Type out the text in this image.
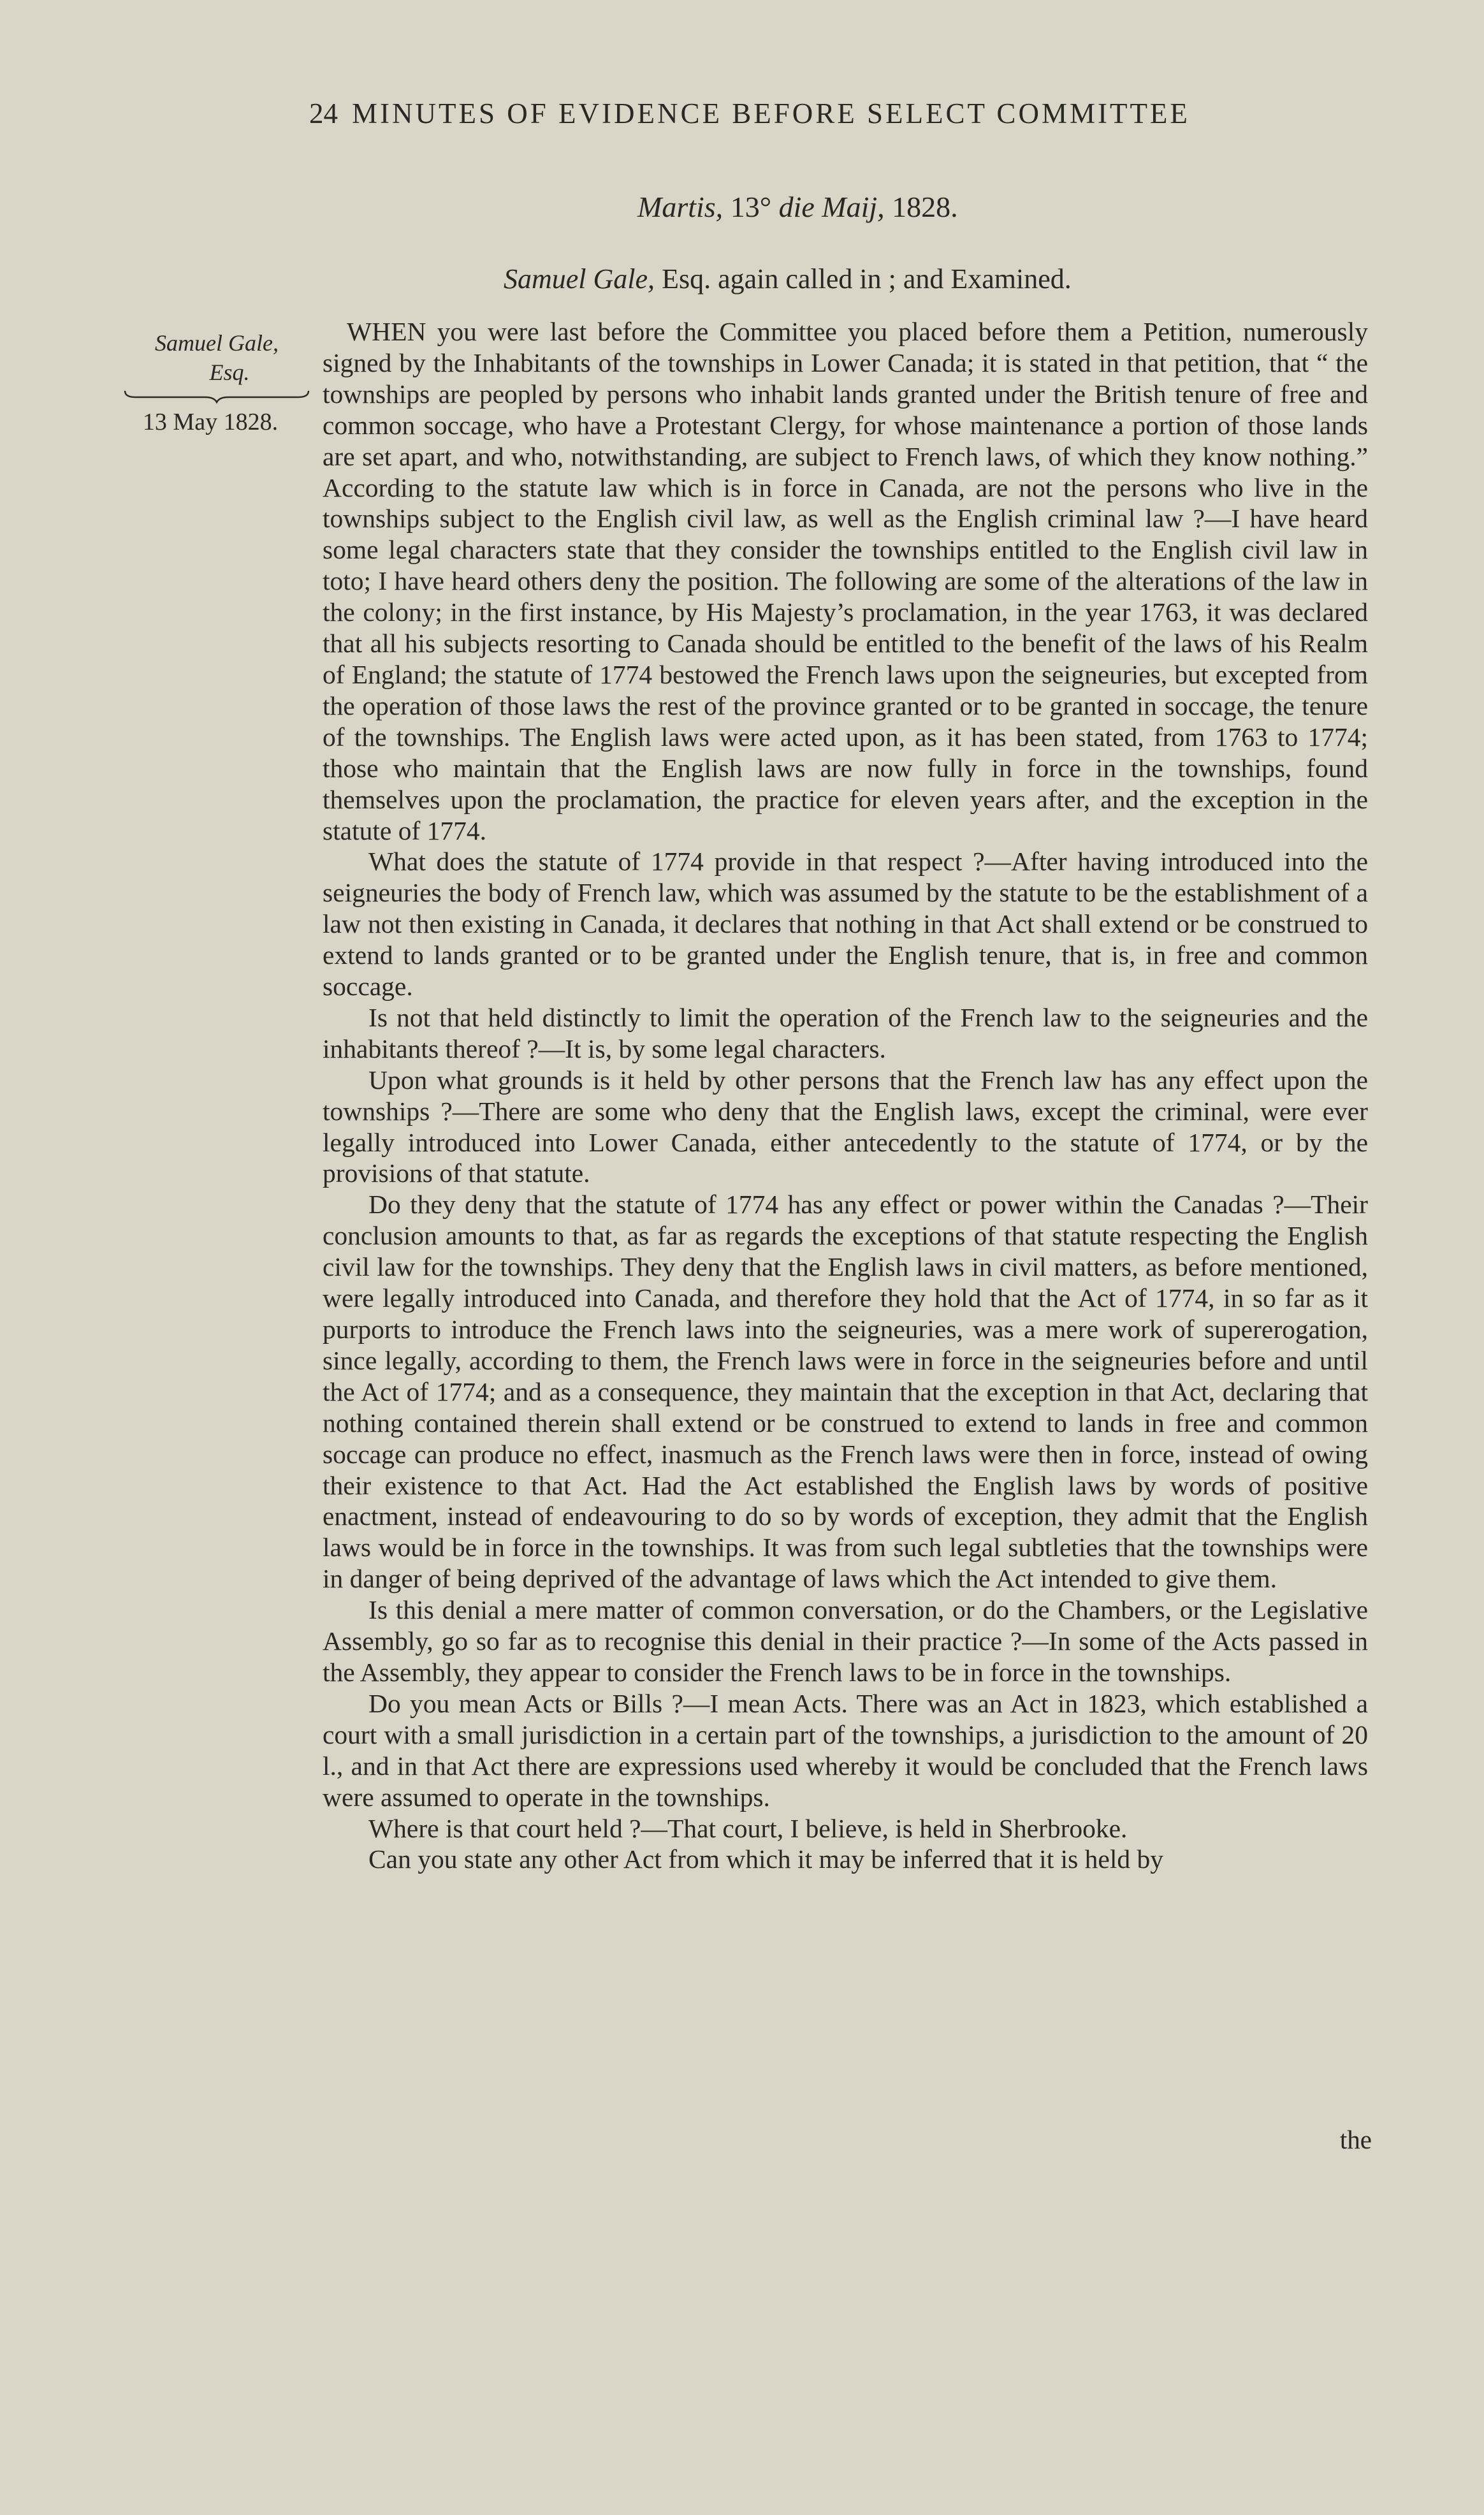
24 MINUTES OF EVIDENCE BEFORE SELECT COMMITTEE
Martis, 13° die Maij, 1828.
Samuel Gale, Esq. again called in ; and Examined.
Samuel Gale,
Esq.
13 May 1828.

WHEN you were last before the Committee you placed before them a Petition, numerously signed by the Inhabitants of the townships in Lower Canada; it is stated in that petition, that “ the townships are peopled by persons who inhabit lands granted under the British tenure of free and common soccage, who have a Protestant Clergy, for whose maintenance a portion of those lands are set apart, and who, notwithstanding, are subject to French laws, of which they know nothing.” According to the statute law which is in force in Canada, are not the persons who live in the townships subject to the English civil law, as well as the English criminal law ?—I have heard some legal characters state that they consider the townships entitled to the English civil law in toto; I have heard others deny the position. The following are some of the alterations of the law in the colony; in the first instance, by His Majesty’s proclamation, in the year 1763, it was declared that all his subjects resorting to Canada should be entitled to the benefit of the laws of his Realm of England; the statute of 1774 bestowed the French laws upon the seigneuries, but excepted from the operation of those laws the rest of the province granted or to be granted in soccage, the tenure of the townships. The English laws were acted upon, as it has been stated, from 1763 to 1774; those who maintain that the English laws are now fully in force in the townships, found themselves upon the proclamation, the practice for eleven years after, and the exception in the statute of 1774.

What does the statute of 1774 provide in that respect ?—After having introduced into the seigneuries the body of French law, which was assumed by the statute to be the establishment of a law not then existing in Canada, it declares that nothing in that Act shall extend or be construed to extend to lands granted or to be granted under the English tenure, that is, in free and common soccage.

Is not that held distinctly to limit the operation of the French law to the seigneuries and the inhabitants thereof ?—It is, by some legal characters.

Upon what grounds is it held by other persons that the French law has any effect upon the townships ?—There are some who deny that the English laws, except the criminal, were ever legally introduced into Lower Canada, either antecedently to the statute of 1774, or by the provisions of that statute.

Do they deny that the statute of 1774 has any effect or power within the Canadas ?—Their conclusion amounts to that, as far as regards the exceptions of that statute respecting the English civil law for the townships. They deny that the English laws in civil matters, as before mentioned, were legally introduced into Canada, and therefore they hold that the Act of 1774, in so far as it purports to introduce the French laws into the seigneuries, was a mere work of supererogation, since legally, according to them, the French laws were in force in the seigneuries before and until the Act of 1774; and as a consequence, they maintain that the exception in that Act, declaring that nothing contained therein shall extend or be construed to extend to lands in free and common soccage can produce no effect, inasmuch as the French laws were then in force, instead of owing their existence to that Act. Had the Act established the English laws by words of positive enactment, instead of endeavouring to do so by words of exception, they admit that the English laws would be in force in the townships. It was from such legal subtleties that the townships were in danger of being deprived of the advantage of laws which the Act intended to give them.

Is this denial a mere matter of common conversation, or do the Chambers, or the Legislative Assembly, go so far as to recognise this denial in their practice ?—In some of the Acts passed in the Assembly, they appear to consider the French laws to be in force in the townships.

Do you mean Acts or Bills ?—I mean Acts. There was an Act in 1823, which established a court with a small jurisdiction in a certain part of the townships, a jurisdiction to the amount of 20 l., and in that Act there are expressions used whereby it would be concluded that the French laws were assumed to operate in the townships.

Where is that court held ?—That court, I believe, is held in Sherbrooke.

Can you state any other Act from which it may be inferred that it is held by

the
